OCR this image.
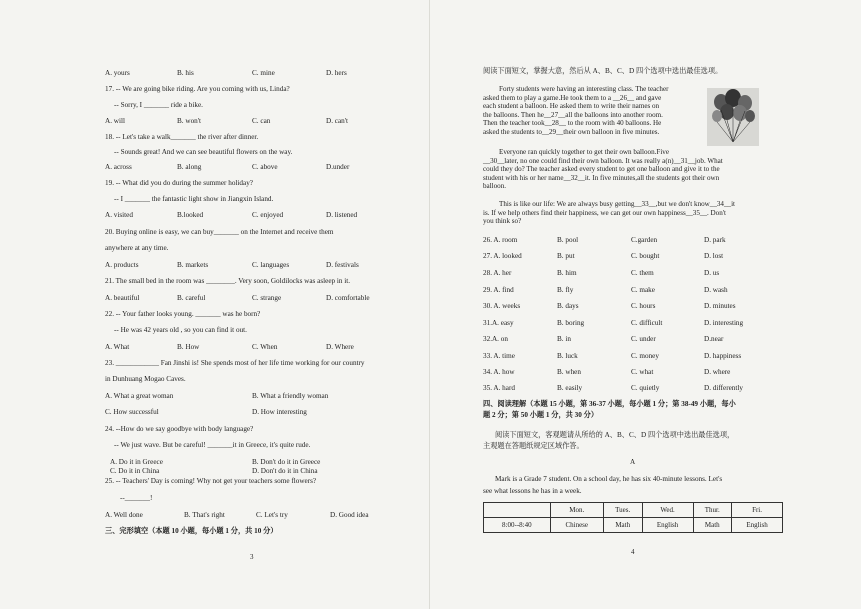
A. yours	B. his	C. mine	D. hers
17. -- We are going bike riding. Are you coming with us, Linda?
-- Sorry, I _______ ride a bike.
A. will	B. won't	C. can	D. can't
18. -- Let's take a walk_______ the river after dinner.
-- Sounds great! And we can see beautiful flowers on the way.
A. across	B. along	C. above	D.under
19. -- What did you do during the summer holiday?
-- I _______ the fantastic light show in Jiangxin Island.
A. visited	B.looked	C. enjoyed	D. listened
20. Buying online is easy, we can buy_______ on the Internet and receive them
anywhere at any time.
A. products	B. markets	C. languages	D. festivals
21. The small bed in the room was ________. Very soon, Goldilocks was asleep in it.
A. beautiful	B. careful	C. strange	D. comfortable
22. -- Your father looks young. _______ was he born?
-- He was 42 years old , so you can find it out.
A. What	B. How	C. When	D. Where
23. ____________ Fan Jinshi is! She spends most of her life time working for our country
in Dunhuang Mogao Caves.
A. What a great woman	B. What a friendly woman
C. How successful	D. How interesting
24. --How do we say goodbye with body language?
-- We just wave. But be careful! _______it in Greece, it's quite rude.
A. Do it in Greece	B. Don't do it in Greece
C. Do it in China	D. Don't do it in China
25. -- Teachers' Day is coming! Why not get your teachers some flowers?
--_______!
A. Well done	B. That's right	C. Let's try	D. Good idea
三、完形填空（本题 10 小题，每小题 1 分，共 10 分）
3
阅读下面短文，掌握大意，然后从 A、B、C、D 四个选项中选出最佳选项。

Forty students were having an interesting class. The teacher

asked them to play a game.He took them to a __26__ and gave

each student a balloon. He asked them to write their names on

the balloons. Then he__27__all the balloons into another room.

Then the teacher took__28__ to the room with 40 balloons. He

asked the students to__29__their own balloon in five minutes.

Everyone ran quickly together to get their own balloon.Five

__30__later, no one could find their own balloon. It was really a(n)__31__job. What

could they do? The teacher asked every student to get one balloon and give it to the

student with his or her name__32__it. In five minutes,all the students got their own

balloon.

This is like our life: We are always busy getting__33__,but we don't know__34__it

is. If we help others find their happiness, we can get our own happiness__35__. Don't

you think so?

26. A. room	B. pool	C.garden	D. park
27. A. looked	B. put	C. bought	D. lost
28. A. her	B. him	C. them	D. us
29. A. find	B. fly	C. make	D. wash
30. A. weeks	B. days	C. hours	D. minutes
31.A. easy	B. boring	C. difficult	D. interesting
32.A. on	B. in	C. under	D.near
33. A. time	B. luck	C. money	D. happiness
34. A. how	B. when	C. what	D. where
35. A. hard	B. easily	C. quietly	D. differently
四、阅读理解（本题 15 小题，第 36-37 小题，每小题 1 分；第 38-49 小题，每小
题 2 分；第 50 小题 1 分，共 30 分）
阅读下面短文，客观题请从所给的 A、B、C、D 四个选项中选出最佳选项，
主观题在答题纸规定区域作答。
A
Mark is a Grade 7 student. On a school day, he has six 40-minute lessons. Let's
see what lessons he has in a week.
	Mon.	Tues.	Wed.	Thur.	Fri.
8:00--8:40	Chinese	Math	English	Math	English
4
